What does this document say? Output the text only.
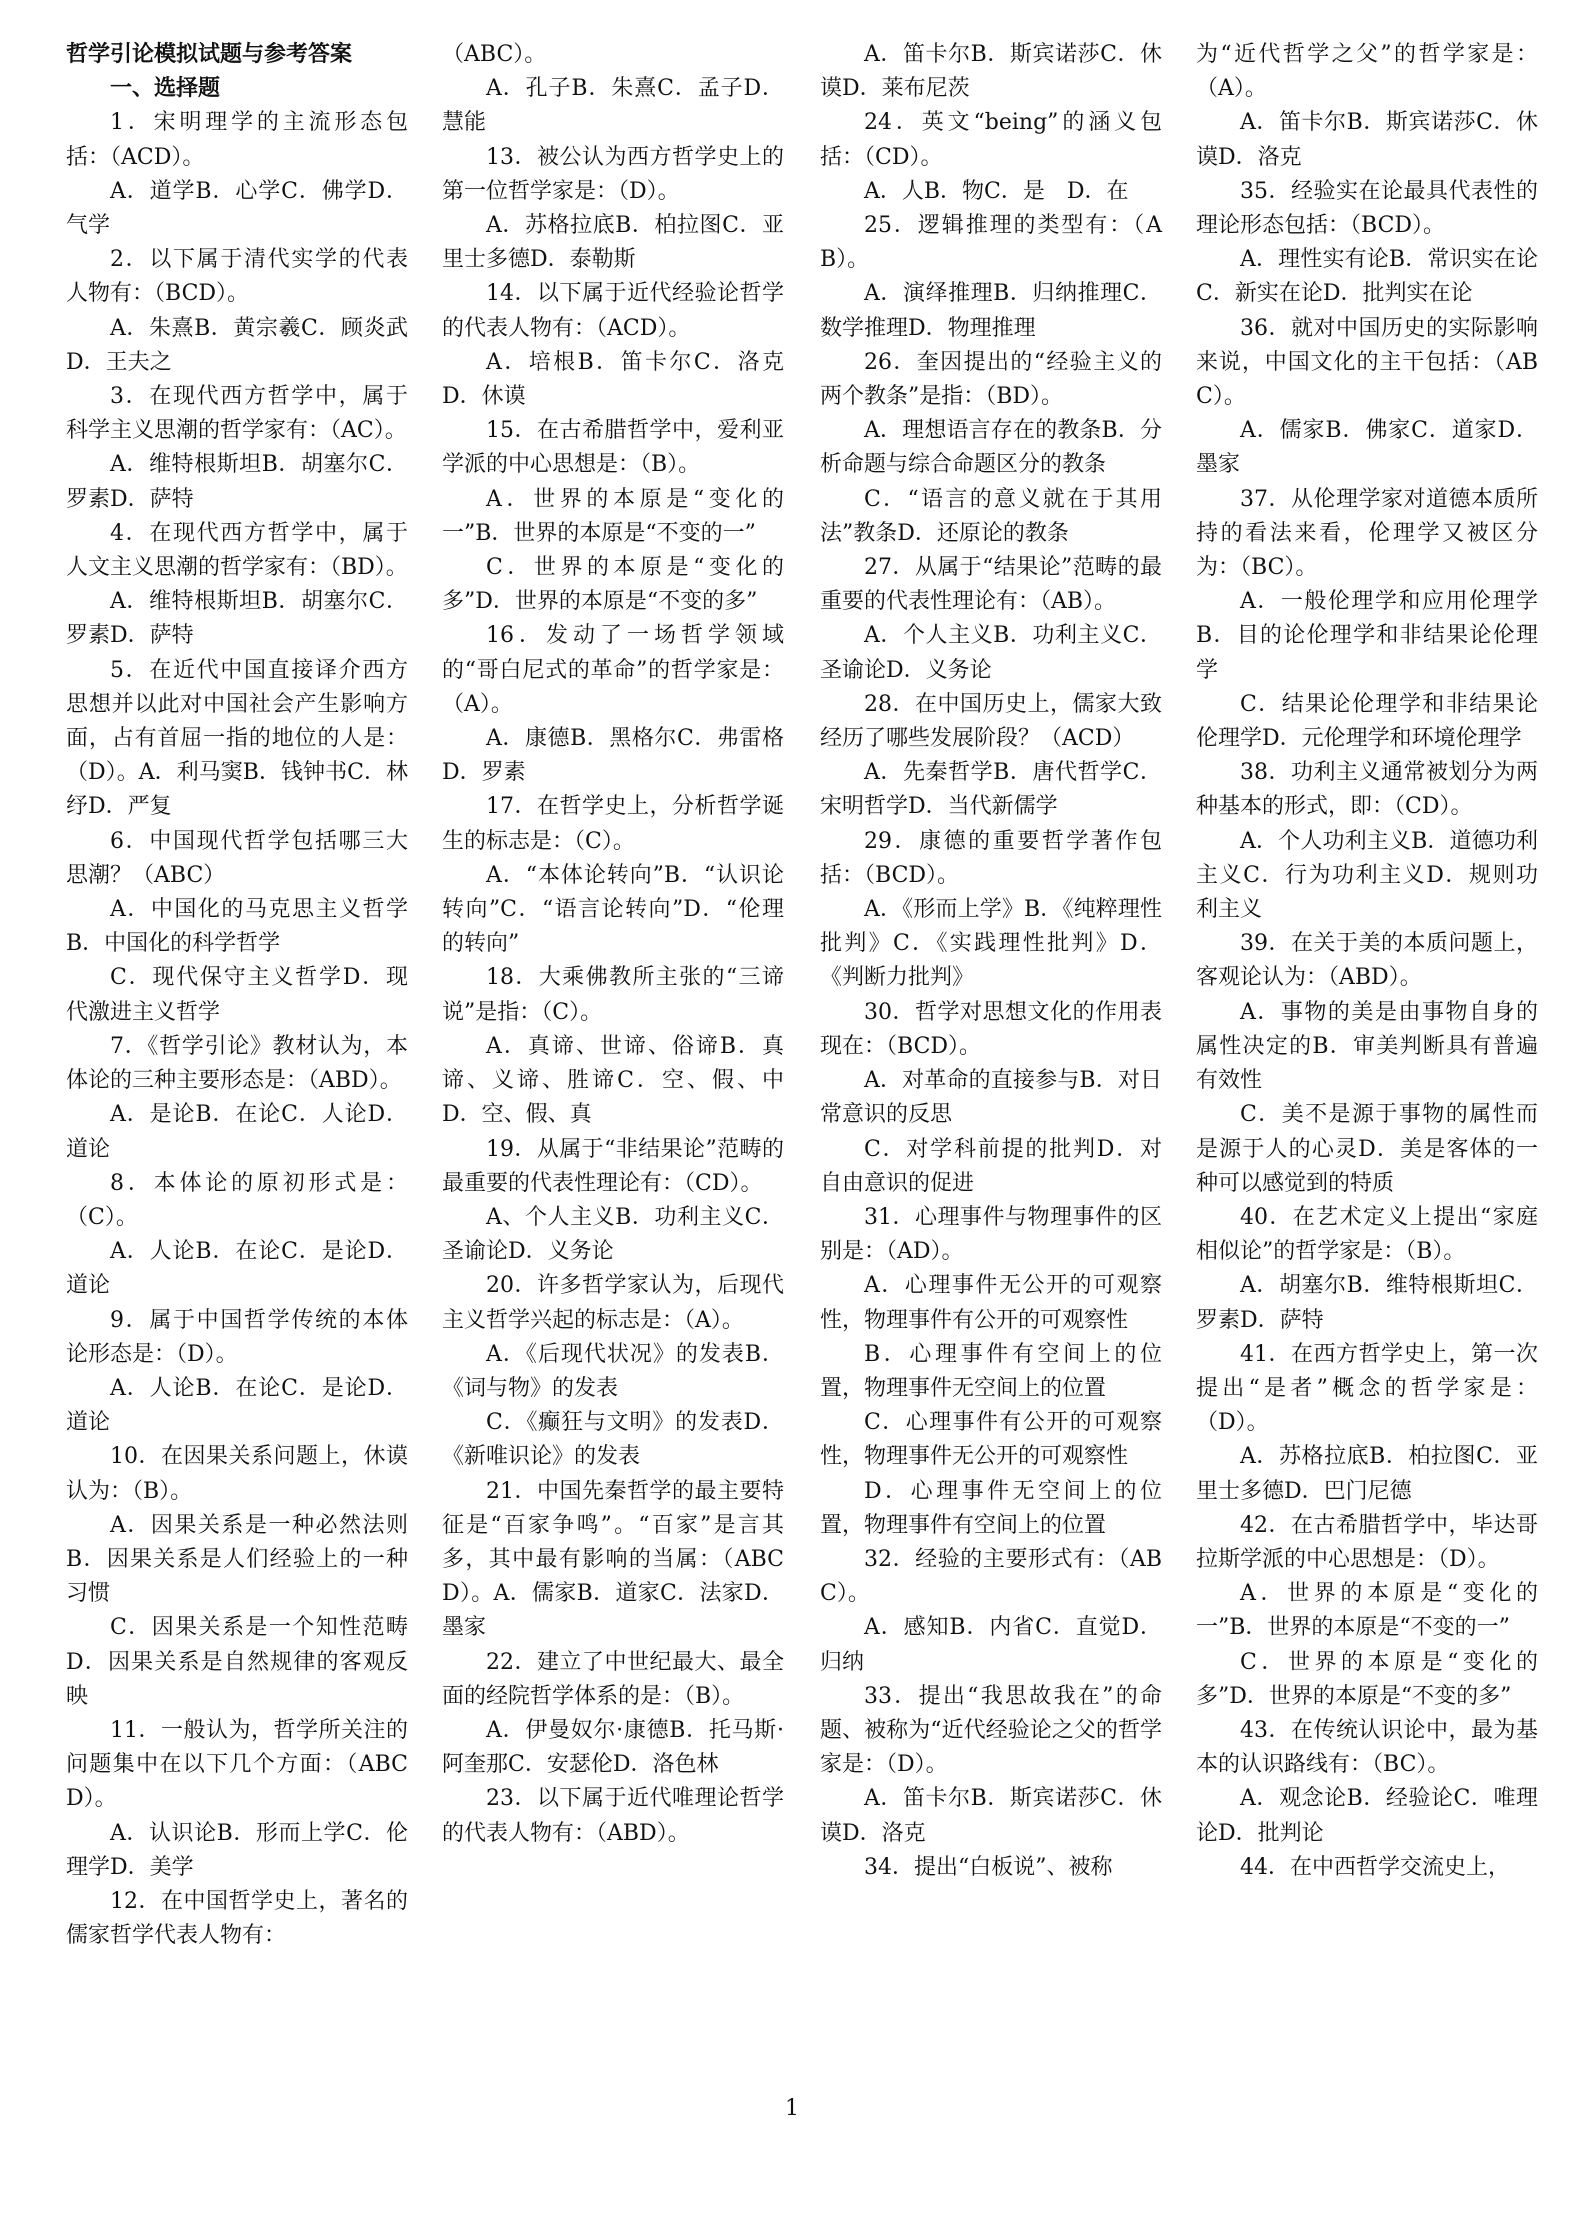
哲学引论模拟试题与参考答案

一、选择题

1．宋明理学的主流形态包括：（ACD）。

A．道学B．心学C．佛学D．气学

2．以下属于清代实学的代表人物有：（BCD）。

A．朱熹B．黄宗羲C．顾炎武D．王夫之

3．在现代西方哲学中，属于科学主义思潮的哲学家有：（AC）。

A．维特根斯坦B．胡塞尔C．罗素D．萨特

4．在现代西方哲学中，属于人文主义思潮的哲学家有：（BD）。

A．维特根斯坦B．胡塞尔C．罗素D．萨特

5．在近代中国直接译介西方思想并以此对中国社会产生影响方面，占有首屈一指的地位的人是：（D）。A．利马窦B．钱钟书C．林纾D．严复

6．中国现代哲学包括哪三大思潮？（ABC）

A．中国化的马克思主义哲学B．中国化的科学哲学

C．现代保守主义哲学D．现代激进主义哲学

7．《哲学引论》教材认为，本体论的三种主要形态是：（ABD）。

A．是论B．在论C．人论D．道论

8．本体论的原初形式是：（C）。

A．人论B．在论C．是论D．道论

9．属于中国哲学传统的本体论形态是：（D）。

A．人论B．在论C．是论D．道论

10．在因果关系问题上，休谟认为：（B）。

A．因果关系是一种必然法则B．因果关系是人们经验上的一种习惯

C．因果关系是一个知性范畴D．因果关系是自然规律的客观反映

11．一般认为，哲学所关注的问题集中在以下几个方面：（ABCD）。

A．认识论B．形而上学C．伦理学D．美学

12．在中国哲学史上，著名的儒家哲学代表人物有：

（ABC）。

A．孔子B．朱熹C．孟子D．慧能

13．被公认为西方哲学史上的第一位哲学家是：（D）。

A．苏格拉底B．柏拉图C．亚里士多德D．泰勒斯

14．以下属于近代经验论哲学的代表人物有：（ACD）。

A．培根B．笛卡尔C．洛克D．休谟

15．在古希腊哲学中，爱利亚学派的中心思想是：（B）。

A．世界的本原是“变化的一”B．世界的本原是“不变的一”

C．世界的本原是“变化的多”D．世界的本原是“不变的多”

16．发动了一场哲学领域的“哥白尼式的革命”的哲学家是：（A）。

A．康德B．黑格尔C．弗雷格D．罗素

17．在哲学史上，分析哲学诞生的标志是：（C）。

A．“本体论转向”B．“认识论转向”C．“语言论转向”D．“伦理的转向”

18．大乘佛教所主张的“三谛说”是指：（C）。

A．真谛、世谛、俗谛B．真谛、义谛、胜谛C．空、假、中D．空、假、真

19．从属于“非结果论”范畴的最重要的代表性理论有：（CD）。

A、个人主义B．功利主义C．圣谕论D．义务论

20．许多哲学家认为，后现代主义哲学兴起的标志是：（A）。

A．《后现代状况》的发表B．《词与物》的发表

C．《癫狂与文明》的发表D．《新唯识论》的发表

21．中国先秦哲学的最主要特征是“百家争鸣”。“百家”是言其多，其中最有影响的当属：（ABCD）。A．儒家B．道家C．法家D．墨家

22．建立了中世纪最大、最全面的经院哲学体系的是：（B）。

A．伊曼奴尔·康德B．托马斯·阿奎那C．安瑟伦D．洛色林

23．以下属于近代唯理论哲学的代表人物有：（ABD）。

A．笛卡尔B．斯宾诺莎C．休谟D．莱布尼茨

24．英文“being”的涵义包括：（CD）。

A．人B．物C．是　D．在

25．逻辑推理的类型有：（AB）。

A．演绎推理B．归纳推理C．数学推理D．物理推理

26．奎因提出的“经验主义的两个教条”是指：（BD）。

A．理想语言存在的教条B．分析命题与综合命题区分的教条

C．“语言的意义就在于其用法”教条D．还原论的教条

27．从属于“结果论”范畴的最重要的代表性理论有：（AB）。

A．个人主义B．功利主义C．圣谕论D．义务论

28．在中国历史上，儒家大致经历了哪些发展阶段？（ACD）

A．先秦哲学B．唐代哲学C．宋明哲学D．当代新儒学

29．康德的重要哲学著作包括：（BCD）。

A．《形而上学》B．《纯粹理性批判》C．《实践理性批判》D．《判断力批判》

30．哲学对思想文化的作用表现在：（BCD）。

A．对革命的直接参与B．对日常意识的反思

C．对学科前提的批判D．对自由意识的促进

31．心理事件与物理事件的区别是：（AD）。

A．心理事件无公开的可观察性，物理事件有公开的可观察性

B．心理事件有空间上的位置，物理事件无空间上的位置

C．心理事件有公开的可观察性，物理事件无公开的可观察性

D．心理事件无空间上的位置，物理事件有空间上的位置

32．经验的主要形式有：（ABC）。

A．感知B．内省C．直觉D．归纳

33．提出“我思故我在”的命题、被称为“近代经验论之父的哲学家是：（D）。

A．笛卡尔B．斯宾诺莎C．休谟D．洛克

34．提出“白板说”、被称

为“近代哲学之父”的哲学家是：（A）。

A．笛卡尔B．斯宾诺莎C．休谟D．洛克

35．经验实在论最具代表性的理论形态包括：（BCD）。

A．理性实有论B．常识实在论C．新实在论D．批判实在论

36．就对中国历史的实际影响来说，中国文化的主干包括：（ABC）。

A．儒家B．佛家C．道家D．墨家

37．从伦理学家对道德本质所持的看法来看，伦理学又被区分为：（BC）。

A．一般伦理学和应用伦理学B．目的论伦理学和非结果论伦理学

C．结果论伦理学和非结果论伦理学D．元伦理学和环境伦理学

38．功利主义通常被划分为两种基本的形式，即：（CD）。

A．个人功利主义B．道德功利主义C．行为功利主义D．规则功利主义

39．在关于美的本质问题上，客观论认为：（ABD）。

A．事物的美是由事物自身的属性决定的B．审美判断具有普遍有效性

C．美不是源于事物的属性而是源于人的心灵D．美是客体的一种可以感觉到的特质

40．在艺术定义上提出“家庭相似论”的哲学家是：（B）。

A．胡塞尔B．维特根斯坦C．罗素D．萨特

41．在西方哲学史上，第一次提出“是者”概念的哲学家是：（D）。

A．苏格拉底B．柏拉图C．亚里士多德D．巴门尼德

42．在古希腊哲学中，毕达哥拉斯学派的中心思想是：（D）。

A．世界的本原是“变化的一”B．世界的本原是“不变的一”

C．世界的本原是“变化的多”D．世界的本原是“不变的多”

43．在传统认识论中，最为基本的认识路线有：（BC）。

A．观念论B．经验论C．唯理论D．批判论

44．在中西哲学交流史上，

1
